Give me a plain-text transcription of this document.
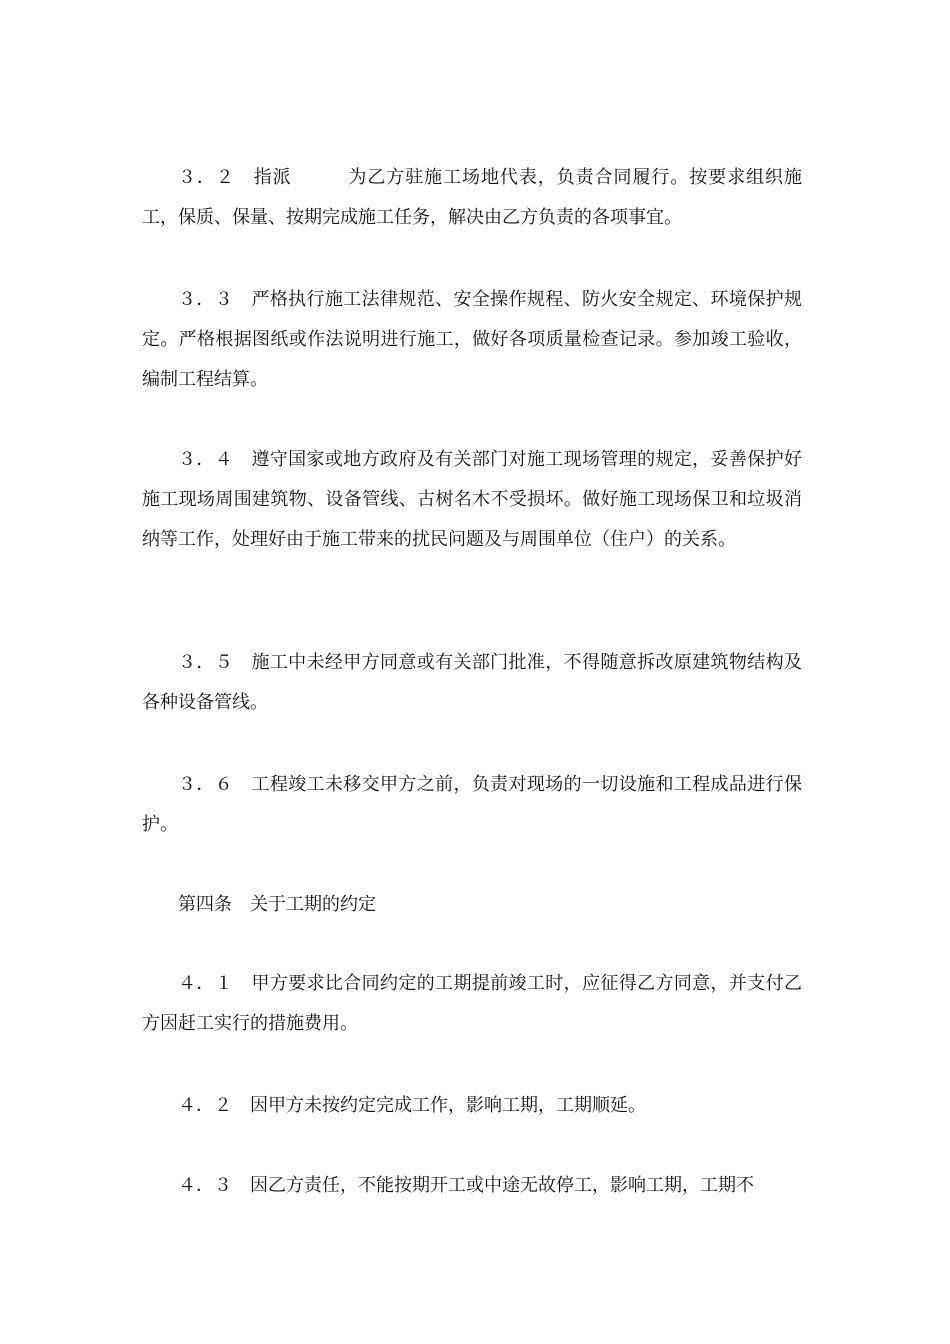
３．２　指派　　　为乙方驻施工场地代表，负责合同履行。按要求组织施工，保质、保量、按期完成施工任务，解决由乙方负责的各项事宜。

３．３　严格执行施工法律规范、安全操作规程、防火安全规定、环境保护规定。严格根据图纸或作法说明进行施工，做好各项质量检查记录。参加竣工验收，编制工程结算。

３．４　遵守国家或地方政府及有关部门对施工现场管理的规定，妥善保护好施工现场周围建筑物、设备管线、古树名木不受损坏。做好施工现场保卫和垃圾消纳等工作，处理好由于施工带来的扰民问题及与周围单位（住户）的关系。

３．５　施工中未经甲方同意或有关部门批准，不得随意拆改原建筑物结构及各种设备管线。

３．６　工程竣工未移交甲方之前，负责对现场的一切设施和工程成品进行保护。

第四条　关于工期的约定

４．１　甲方要求比合同约定的工期提前竣工时，应征得乙方同意，并支付乙方因赶工实行的措施费用。

４．２　因甲方未按约定完成工作，影响工期，工期顺延。

４．３　因乙方责任，不能按期开工或中途无故停工，影响工期，工期不
